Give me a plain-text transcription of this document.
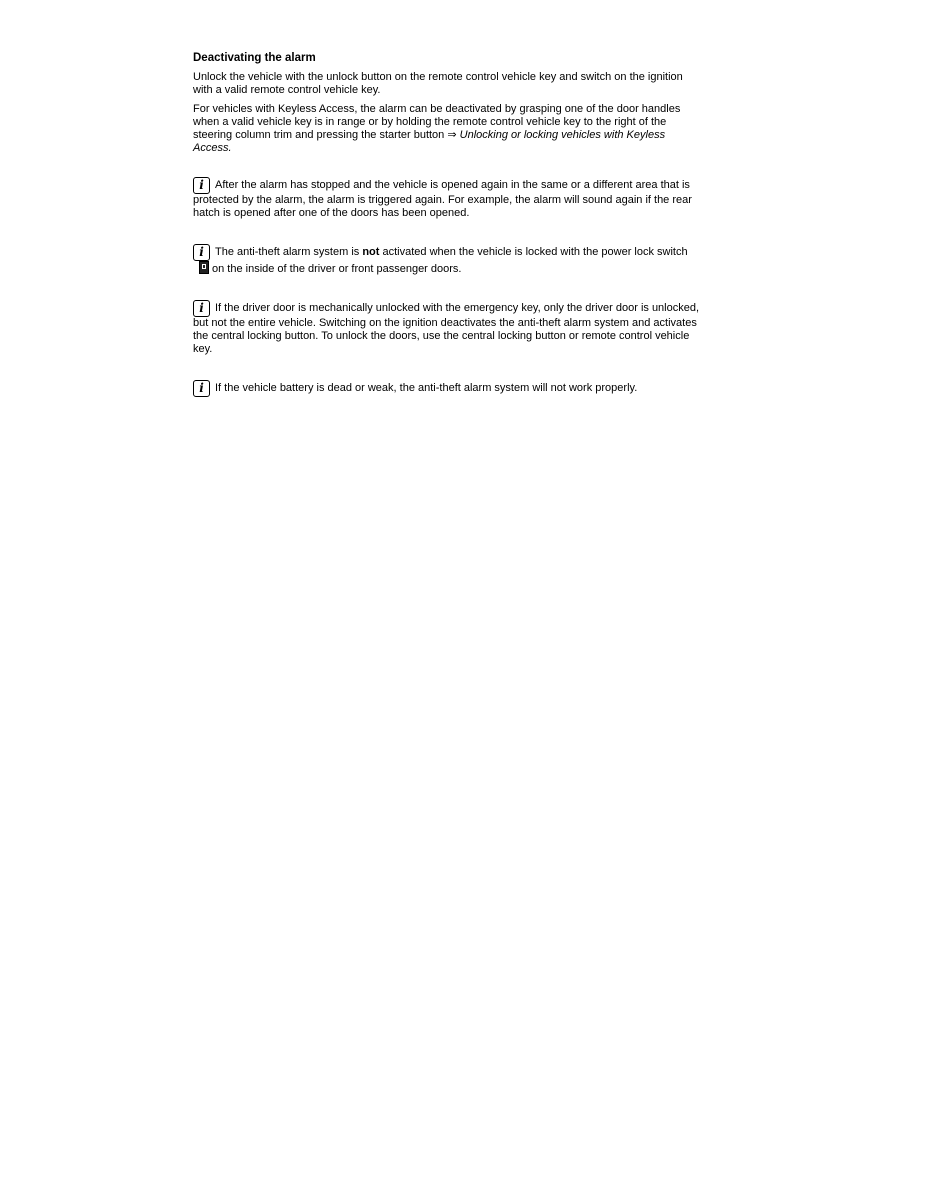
Deactivating the alarm

Unlock the vehicle with the unlock button on the remote control vehicle key and switch on the ignition with a valid remote control vehicle key.

For vehicles with Keyless Access, the alarm can be deactivated by grasping one of the door handles when a valid vehicle key is in range or by holding the remote control vehicle key to the right of the steering column trim and pressing the starter button ⇒ Unlocking or locking vehicles with Keyless Access.

i After the alarm has stopped and the vehicle is opened again in the same or a different area that is protected by the alarm, the alarm is triggered again. For example, the alarm will sound again if the rear hatch is opened after one of the doors has been opened.

i The anti-theft alarm system is not activated when the vehicle is locked with the power lock switchon the inside of the driver or front passenger doors.

i If the driver door is mechanically unlocked with the emergency key, only the driver door is unlocked, but not the entire vehicle. Switching on the ignition deactivates the anti-theft alarm system and activates the central locking button. To unlock the doors, use the central locking button or remote control vehicle key.

i If the vehicle battery is dead or weak, the anti-theft alarm system will not work properly.
